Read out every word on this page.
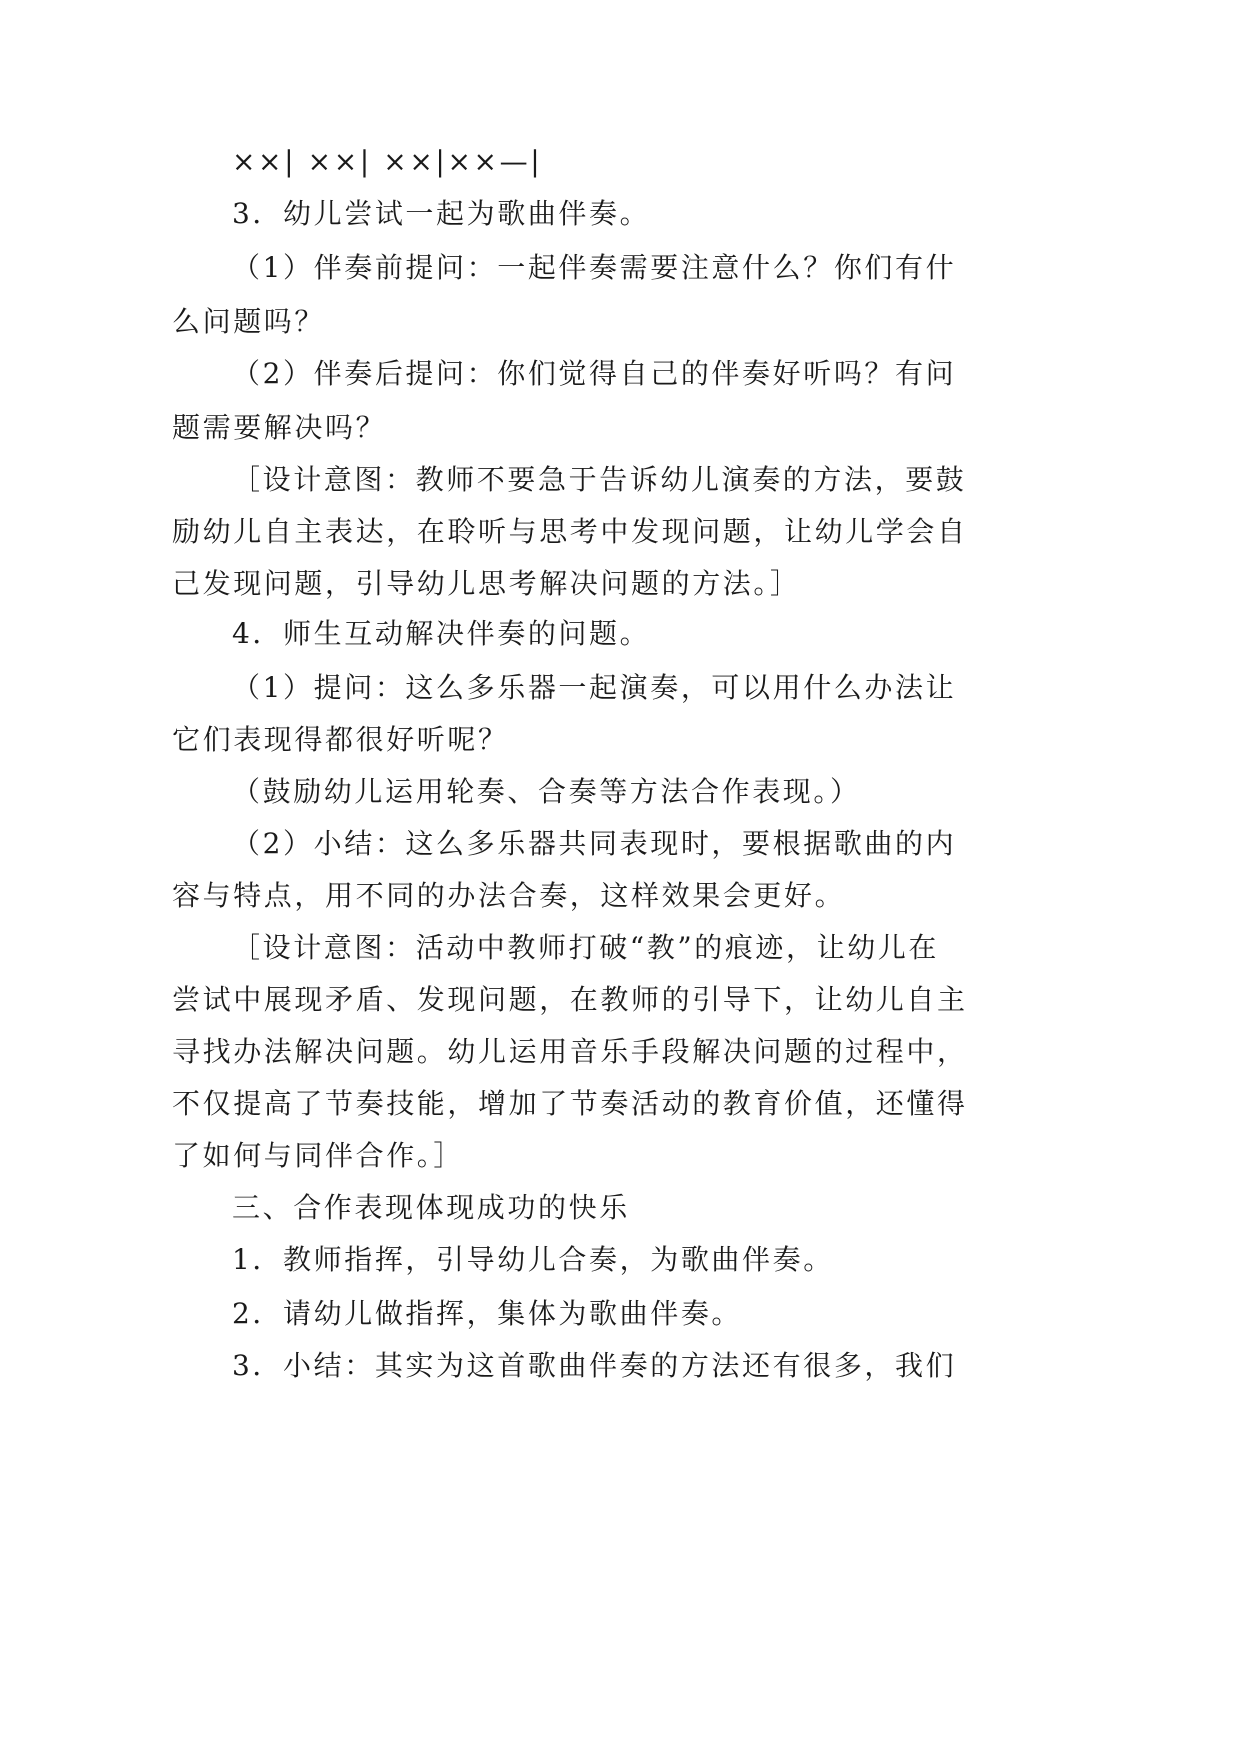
××| ××| ××|××—|
3．幼儿尝试一起为歌曲伴奏。
（1）伴奏前提问：一起伴奏需要注意什么？你们有什
么问题吗？
（2）伴奏后提问：你们觉得自己的伴奏好听吗？有问
题需要解决吗？
［设计意图：教师不要急于告诉幼儿演奏的方法，要鼓
励幼儿自主表达，在聆听与思考中发现问题，让幼儿学会自
己发现问题，引导幼儿思考解决问题的方法。］
4．师生互动解决伴奏的问题。
（1）提问：这么多乐器一起演奏，可以用什么办法让
它们表现得都很好听呢？
（鼓励幼儿运用轮奏、合奏等方法合作表现。）
（2）小结：这么多乐器共同表现时，要根据歌曲的内
容与特点，用不同的办法合奏，这样效果会更好。
［设计意图：活动中教师打破“教”的痕迹，让幼儿在
尝试中展现矛盾、发现问题，在教师的引导下，让幼儿自主
寻找办法解决问题。幼儿运用音乐手段解决问题的过程中，
不仅提高了节奏技能，增加了节奏活动的教育价值，还懂得
了如何与同伴合作。］
三、合作表现体现成功的快乐
1．教师指挥，引导幼儿合奏，为歌曲伴奏。
2．请幼儿做指挥，集体为歌曲伴奏。
3．小结：其实为这首歌曲伴奏的方法还有很多，我们
